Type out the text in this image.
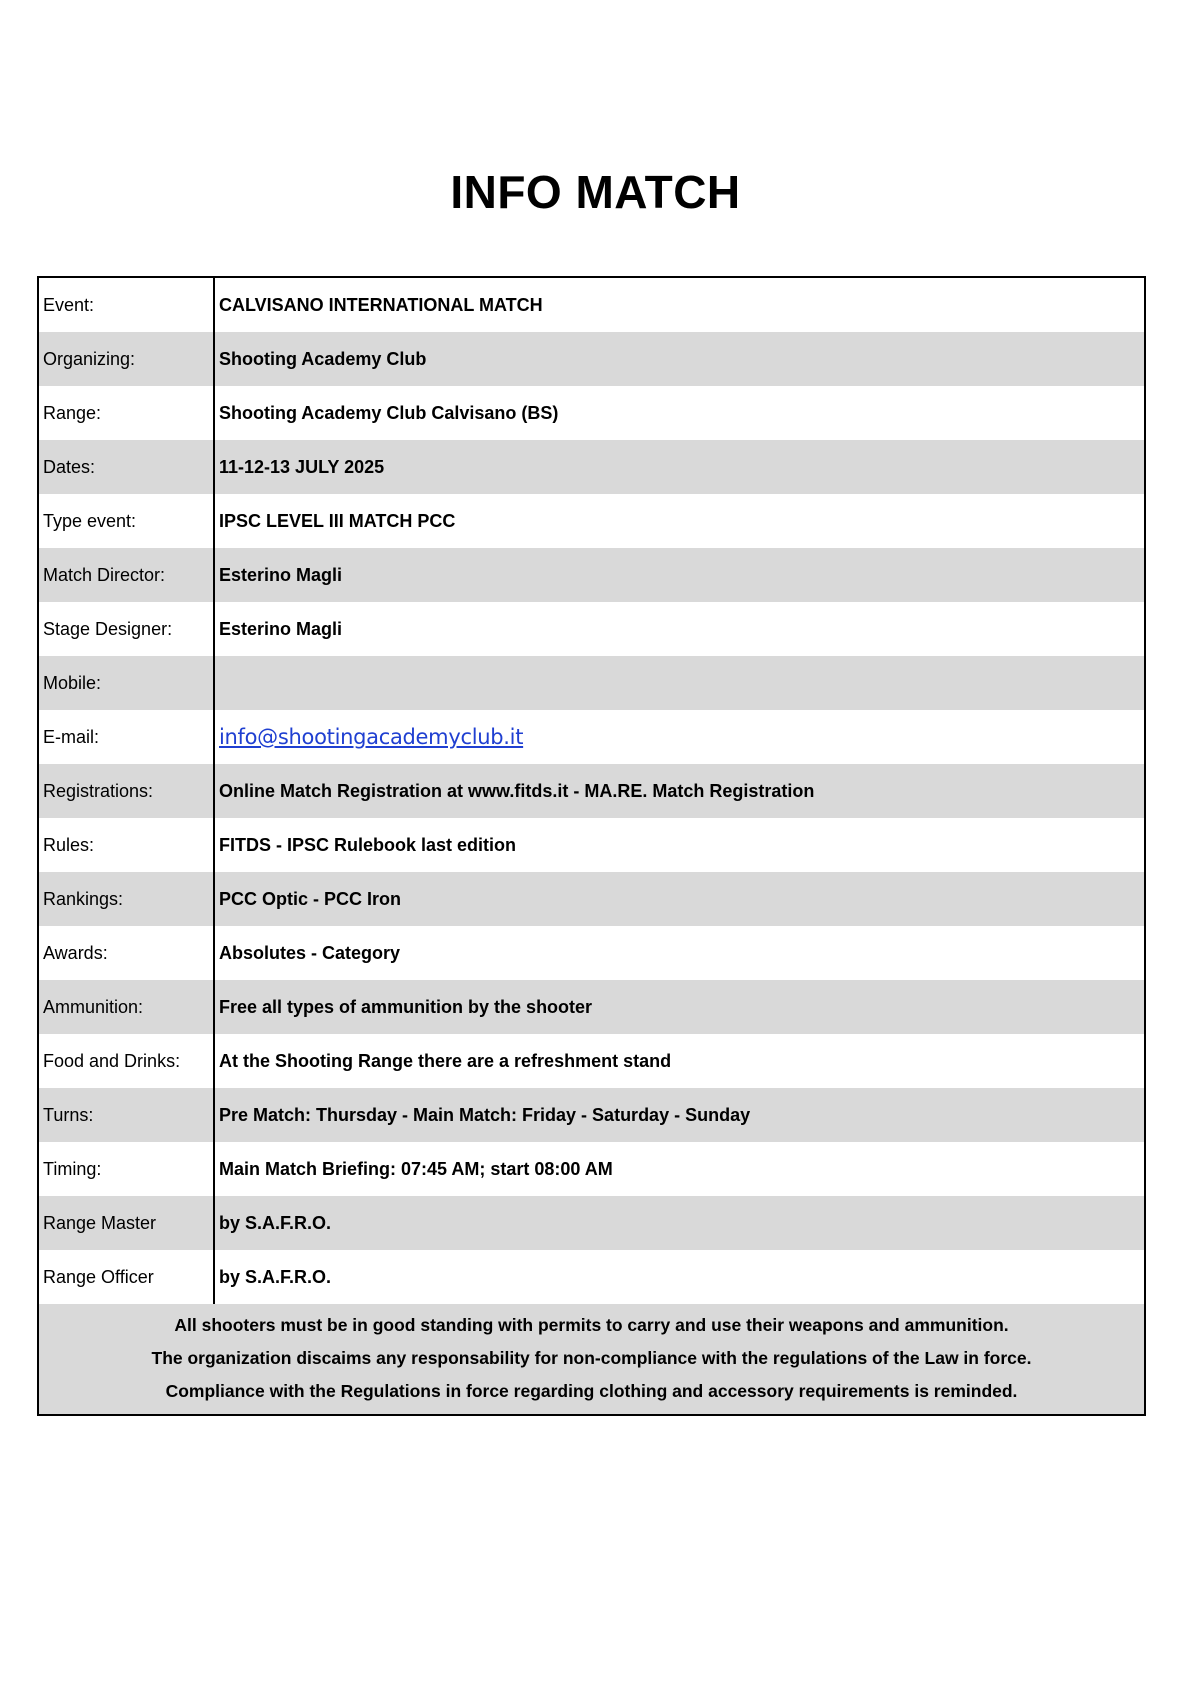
INFO MATCH
Event:	CALVISANO INTERNATIONAL MATCH
Organizing:	Shooting Academy Club
Range:	Shooting Academy Club Calvisano (BS)
Dates:	11-12-13 JULY 2025
Type event:	IPSC LEVEL III MATCH PCC
Match Director:	Esterino Magli
Stage Designer:	Esterino Magli
Mobile:
E-mail:	info@shootingacademyclub.it
Registrations:	Online Match Registration at www.fitds.it - MA.RE. Match Registration
Rules:	FITDS - IPSC Rulebook last edition
Rankings:	PCC Optic - PCC Iron
Awards:	Absolutes - Category
Ammunition:	Free all types of ammunition by the shooter
Food and Drinks:	At the Shooting Range there are a refreshment stand
Turns:	Pre Match: Thursday - Main Match: Friday - Saturday - Sunday
Timing:	Main Match Briefing: 07:45 AM; start 08:00 AM
Range Master	by S.A.F.R.O.
Range Officer	by S.A.F.R.O.
All shooters must be in good standing with permits to carry and use their weapons and ammunition.
The organization discaims any responsability for non-compliance with the regulations of the Law in force.
Compliance with the Regulations in force regarding clothing and accessory requirements is reminded.
